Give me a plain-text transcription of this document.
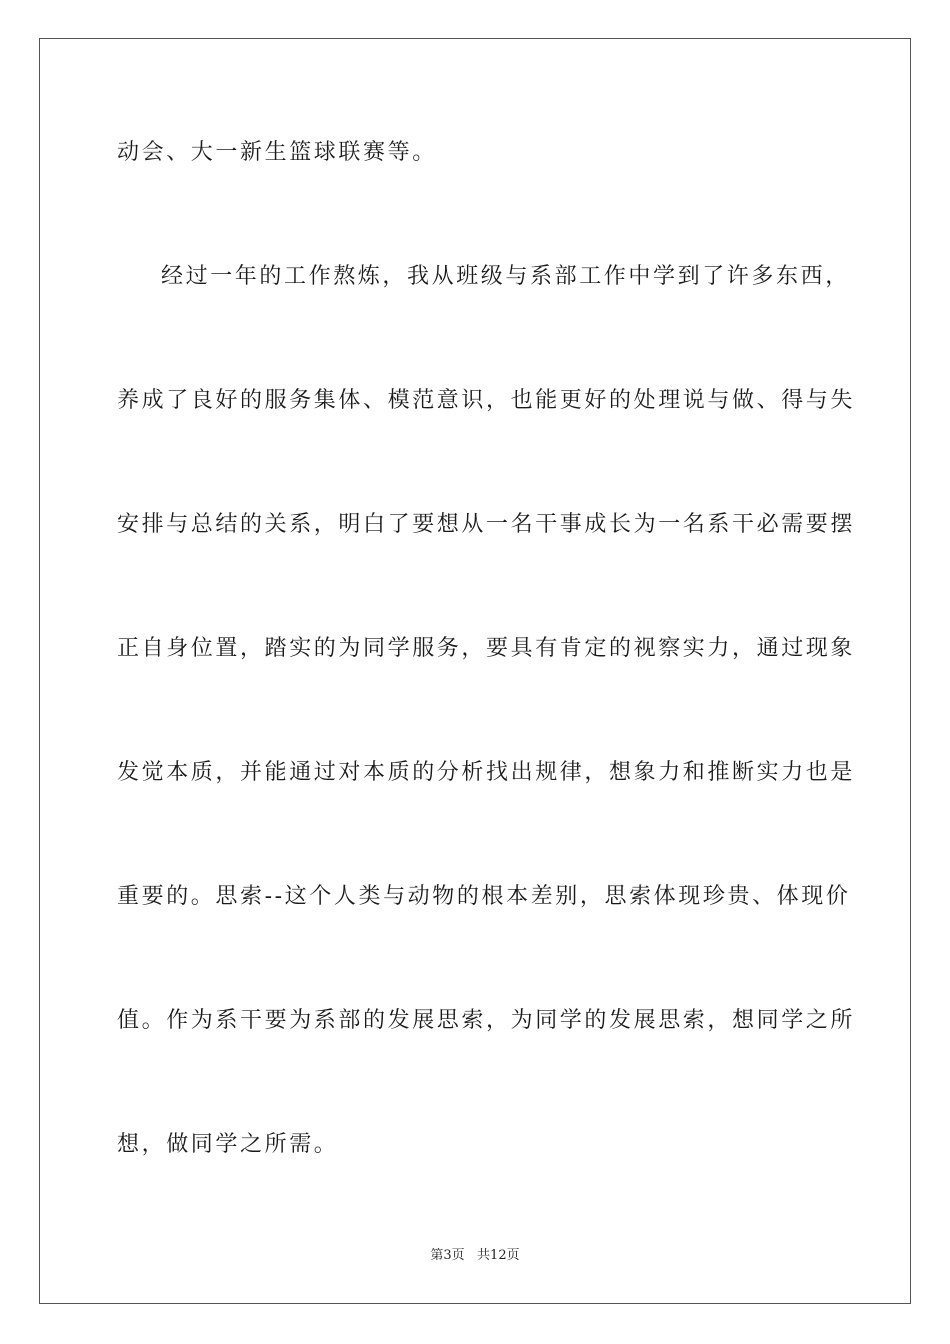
动会、大一新生篮球联赛等。
经过一年的工作熬炼，我从班级与系部工作中学到了许多东西，
养成了良好的服务集体、模范意识，也能更好的处理说与做、得与失
安排与总结的关系，明白了要想从一名干事成长为一名系干必需要摆
正自身位置，踏实的为同学服务，要具有肯定的视察实力，通过现象
发觉本质，并能通过对本质的分析找出规律，想象力和推断实力也是
重要的。思索--这个人类与动物的根本差别，思索体现珍贵、体现价
值。作为系干要为系部的发展思索，为同学的发展思索，想同学之所
想，做同学之所需。
第3页   共12页
